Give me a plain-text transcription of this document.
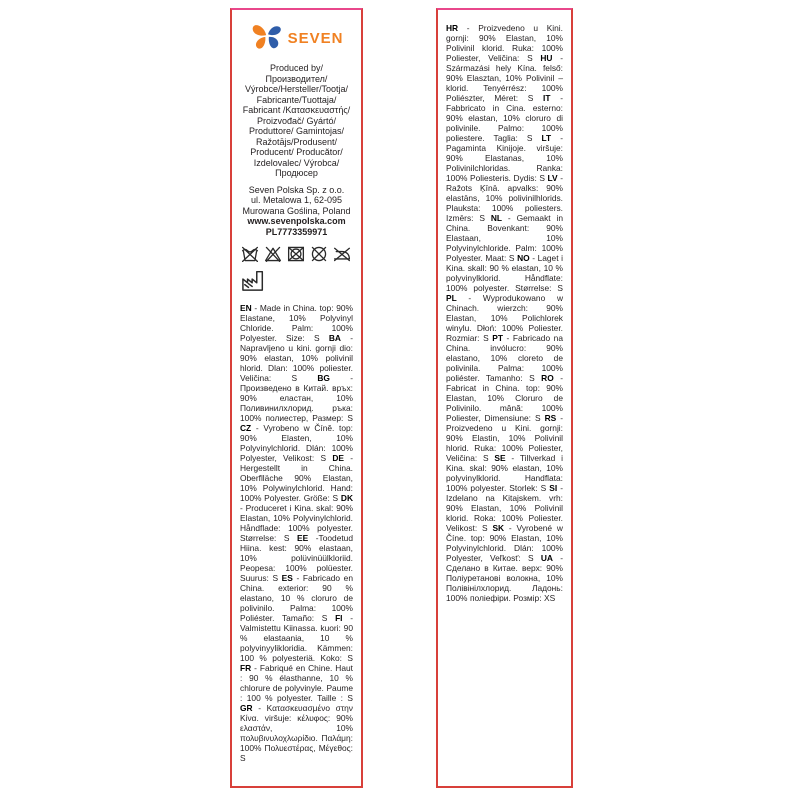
SEVEN
Produced by/
Производител/
Výrobce/Hersteller/Tootja/
Fabricante/Tuottaja/
Fabricant /Κατασκευαστής/
Proizvođač/ Gyártó/
Produttore/ Gamintojas/
Ražotājs/Produsent/
Producent/ Producător/
Izdelovalec/ Výrobca/
Продюсер
Seven Polska Sp. z o.o.
ul. Metalowa 1, 62-095
Murowana Goślina, Poland
www.sevenpolska.com
PL7773359971
EN - Made in China. top: 90% Elastane, 10% Polyvinyl Chloride. Palm: 100% Polyester. Size: S BA - Napravljeno u kini. gornji dio: 90% elastan, 10% polivinil hlorid. Dlan: 100% poliester. Veličina: S BG - Произведено в Китай. връх: 90% еластан, 10% Поливинилхлорид. ръка: 100% полиестер, Размер: S CZ - Vyrobeno w Číně. top: 90% Elasten, 10% Polyvinylchlorid. Dlán: 100% Polyester, Velikost: S DE - Hergestellt in China. Oberflläche 90% Elastan, 10% Polywinylchlorid. Hand: 100% Polyester. Größe: S DK - Produceret i Kina. skal: 90% Elastan, 10% Polyvinylchlorid. Håndflade: 100% polyester. Størrelse: S EE -Toodetud Hiina. kest: 90% elastaan, 10% polüvinüülkloriid. Peopesa: 100% polüester. Suurus: S ES - Fabricado en China. exterior: 90 % elastano, 10 % cloruro de polivinilo. Palma: 100% Poliéster. Tamaño: S FI - Valmistettu Kiinassa. kuori: 90 % elastaania, 10 % polyvinyylikloridia. Kämmen: 100 % polyesteriä. Koko: S FR - Fabriqué en Chine. Haut : 90 % élasthanne, 10 % chlorure de polyvinyle. Paume : 100 % polyester. Taille : S GR - Κατασκευασμένο στην Κίνα. viršuje: κέλυφος: 90% ελαστάν, 10% πολυβινυλοχλωρίδιο. Παλάμη: 100% Πολυεστέρας, Μέγεθος: S
HR - Proizvedeno u Kini. gornji: 90% Elastan, 10% Polivinil klorid. Ruka: 100% Poliester, Veličina: S HU - Származási hely Kína. felső: 90% Elasztan, 10% Polivinil – klorid. Tenyérrész: 100% Poliészter, Méret: S IT - Fabbricato in Cina. esterno: 90% elastan, 10% cloruro di polivinile. Palmo: 100% poliestere. Taglia: S LT - Pagaminta Kinijoje. viršuje: 90% Elastanas, 10% Polivinilchloridas. Ranka: 100% Poliesteris. Dydis: S LV - Ražots Ķīnā. apvalks: 90% elastāns, 10% polivinilhlorids. Plauksta: 100% poliesters. Izmērs: S NL - Gemaakt in China. Bovenkant: 90% Elastaan, 10% Polyvinylchloride. Palm: 100% Polyester. Maat: S NO - Laget i Kina. skall: 90 % elastan, 10 % polyvinylklorid. Håndflate: 100% polyester. Størrelse: S PL - Wyprodukowano w Chinach. wierzch: 90% Elastan, 10% Polichlorek winylu. Dłoń: 100% Poliester. Rozmiar: S PT - Fabricado na China. invólucro: 90% elastano, 10% cloreto de polivinila. Palma: 100% poliéster. Tamanho: S RO - Fabricat in China. top: 90% Elastan, 10% Cloruro de Polivinilo. mână: 100% Poliester, Dimensiune: S RS - Proizvedeno u Kini. gornji: 90% Elastin, 10% Polivinil hlorid. Ruka: 100% Poliester, Veličina: S SE - Tillverkad i Kina. skal: 90% elastan, 10% polyvinylklorid. Handflata: 100% polyester. Storlek: S SI - Izdelano na Kitajskem. vrh: 90% Elastan, 10% Polivinil klorid. Roka: 100% Poliester. Velikost: S SK - Vyrobené w Číne. top: 90% Elastan, 10% Polyvinylchlorid. Dlán: 100% Polyester, Veľkosť: S UA - Сделано в Китае. верх: 90% Поліуретанові волокна, 10% Полівінілхлорид. Ладонь: 100% поліефіри. Розмір: XS
